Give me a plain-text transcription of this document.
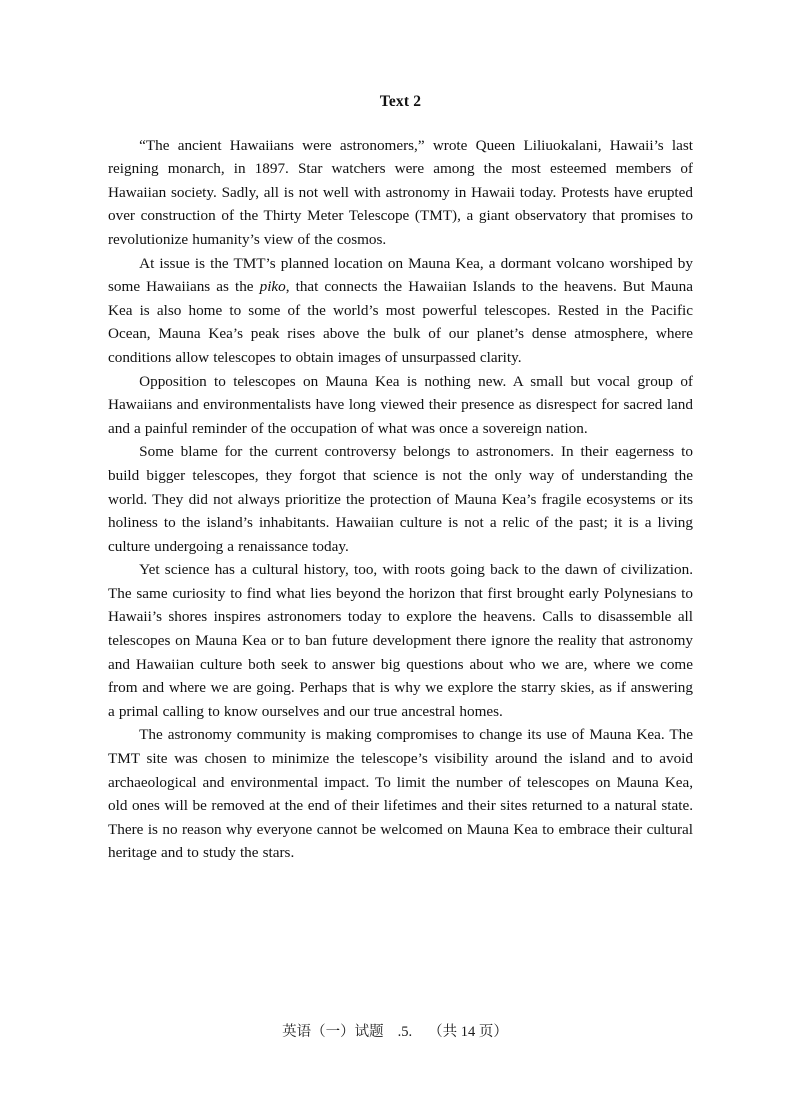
Text 2

“The ancient Hawaiians were astronomers,” wrote Queen Liliuokalani, Hawaii’s last reigning monarch, in 1897. Star watchers were among the most esteemed members of Hawaiian society. Sadly, all is not well with astronomy in Hawaii today. Protests have erupted over construction of the Thirty Meter Telescope (TMT), a giant observatory that promises to revolutionize humanity’s view of the cosmos.

At issue is the TMT’s planned location on Mauna Kea, a dormant volcano worshiped by some Hawaiians as the piko, that connects the Hawaiian Islands to the heavens. But Mauna Kea is also home to some of the world’s most powerful telescopes. Rested in the Pacific Ocean, Mauna Kea’s peak rises above the bulk of our planet’s dense atmosphere, where conditions allow telescopes to obtain images of unsurpassed clarity.

Opposition to telescopes on Mauna Kea is nothing new. A small but vocal group of Hawaiians and environmentalists have long viewed their presence as disrespect for sacred land and a painful reminder of the occupation of what was once a sovereign nation.

Some blame for the current controversy belongs to astronomers. In their eagerness to build bigger telescopes, they forgot that science is not the only way of understanding the world. They did not always prioritize the protection of Mauna Kea’s fragile ecosystems or its holiness to the island’s inhabitants. Hawaiian culture is not a relic of the past; it is a living culture undergoing a renaissance today.

Yet science has a cultural history, too, with roots going back to the dawn of civilization. The same curiosity to find what lies beyond the horizon that first brought early Polynesians to Hawaii’s shores inspires astronomers today to explore the heavens. Calls to disassemble all telescopes on Mauna Kea or to ban future development there ignore the reality that astronomy and Hawaiian culture both seek to answer big questions about who we are, where we come from and where we are going. Perhaps that is why we explore the starry skies, as if answering a primal calling to know ourselves and our true ancestral homes.

The astronomy community is making compromises to change its use of Mauna Kea. The TMT site was chosen to minimize the telescope’s visibility around the island and to avoid archaeological and environmental impact. To limit the number of telescopes on Mauna Kea, old ones will be removed at the end of their lifetimes and their sites returned to a natural state. There is no reason why everyone cannot be welcomed on Mauna Kea to embrace their cultural heritage and to study the stars.

英语（一）试题 .5. （共 14 页）
